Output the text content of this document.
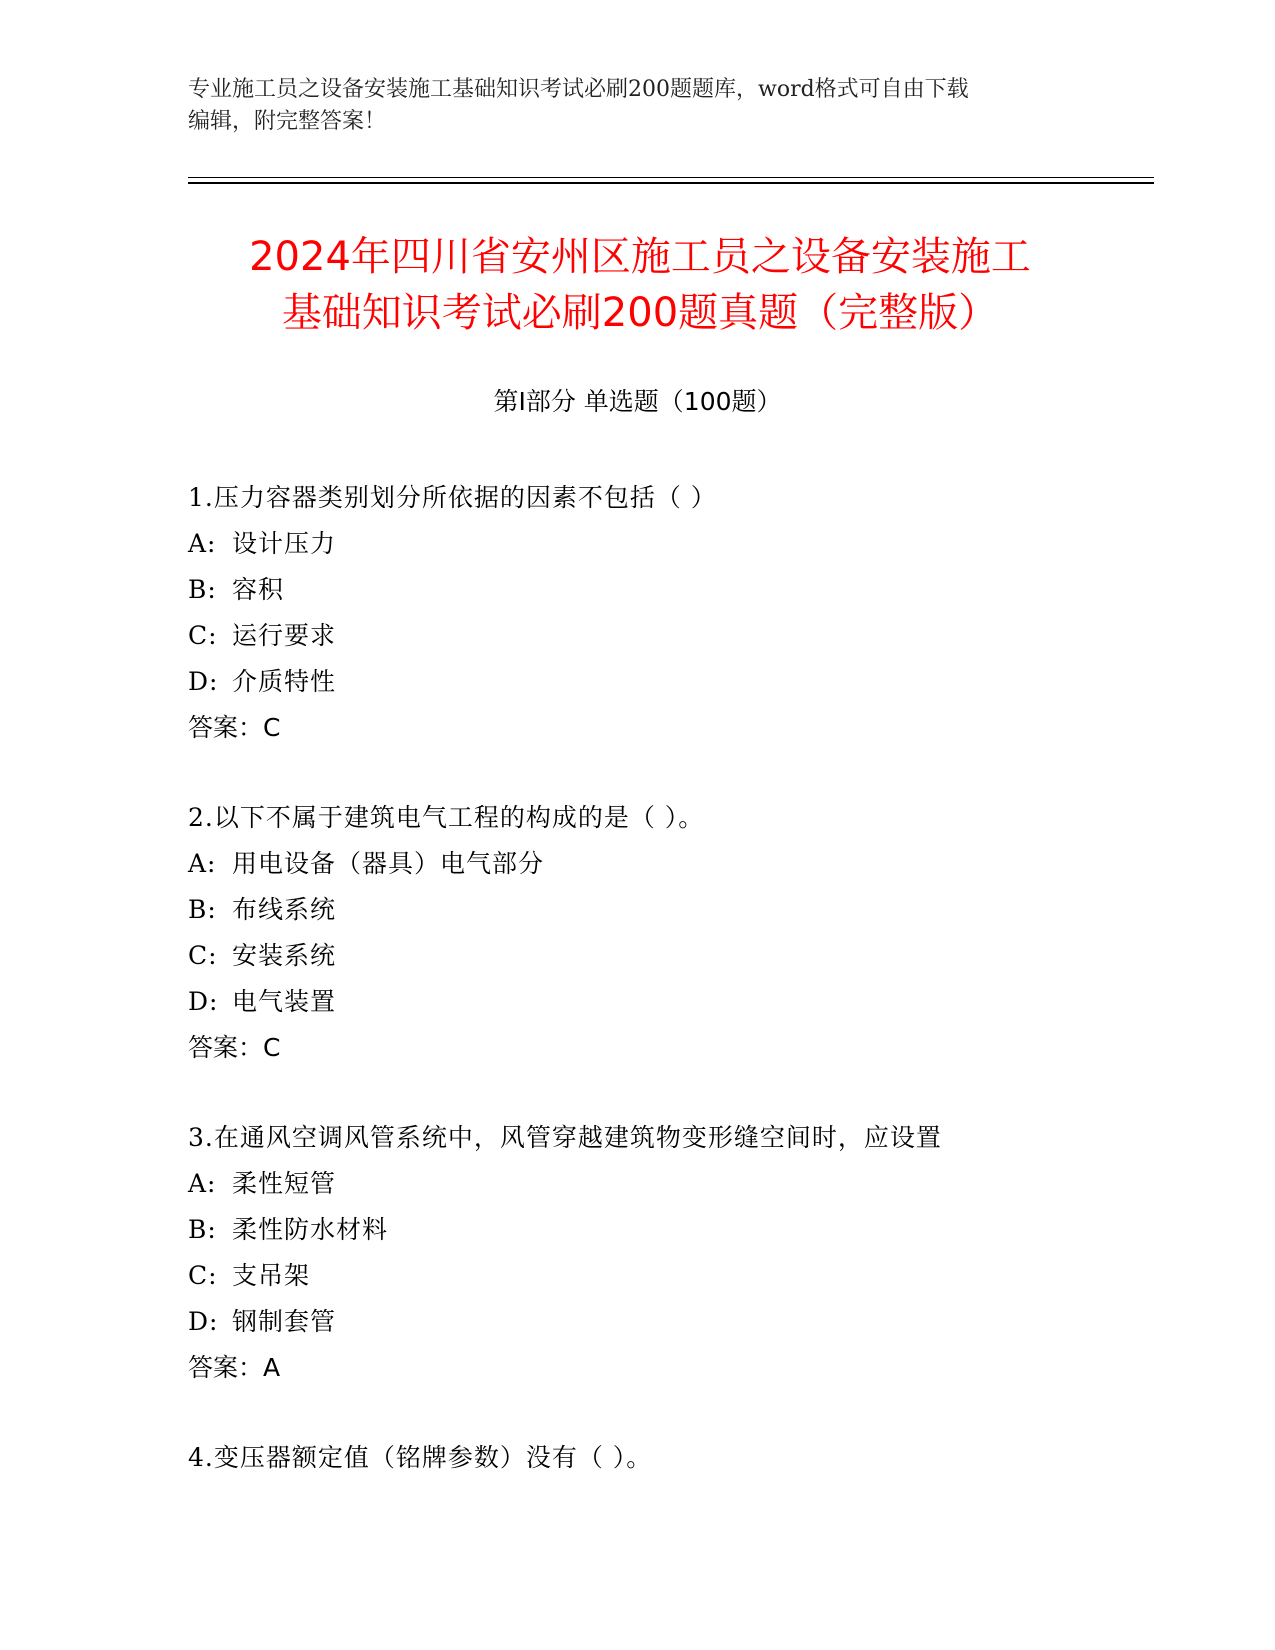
专业施工员之设备安装施工基础知识考试必刷200题题库，word格式可自由下载
编辑，附完整答案！
2024年四川省安州区施工员之设备安装施工
基础知识考试必刷200题真题（完整版）
第Ⅰ部分 单选题（100题）
1.压力容器类别划分所依据的因素不包括（ ）
A: 设计压力
B: 容积
C: 运行要求
D: 介质特性
答案：C
2.以下不属于建筑电气工程的构成的是（ ）。
A: 用电设备（器具）电气部分
B: 布线系统
C: 安装系统
D: 电气装置
答案：C
3.在通风空调风管系统中，风管穿越建筑物变形缝空间时，应设置
A: 柔性短管
B: 柔性防水材料
C: 支吊架
D: 钢制套管
答案：A
4.变压器额定值（铭牌参数）没有（ ）。
